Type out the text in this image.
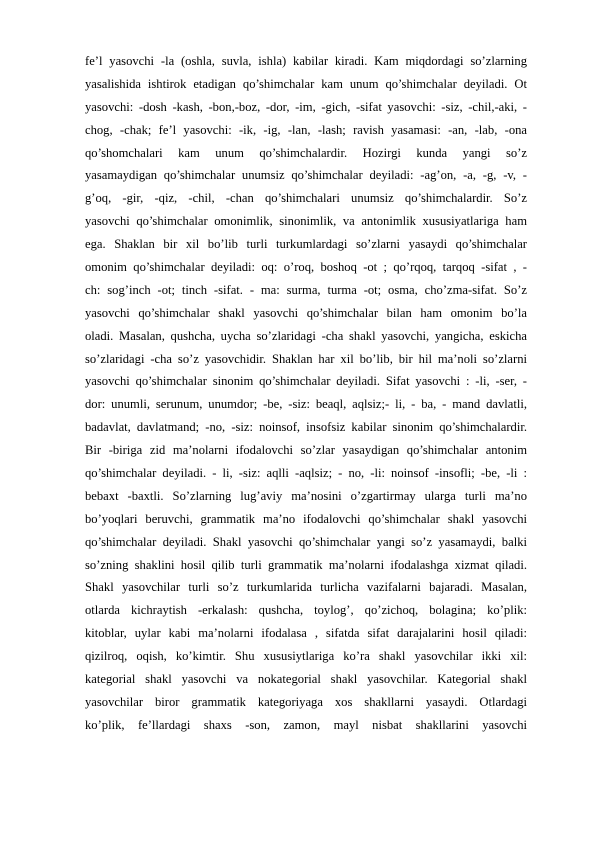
fe’l yasovchi -la (oshla, suvla, ishla) kabilar kiradi. Kam miqdordagi so’zlarning
yasalishida ishtirok etadigan qo’shimchalar kam unum qo’shimchalar deyiladi. Ot
yasovchi: -dosh -kash, -bon,-boz, -dor, -im, -gich, -sifat yasovchi: -siz, -chil,-aki, -
chog, -chak; fe’l yasovchi: -ik, -ig, -lan, -lash; ravish yasamasi: -an, -lab, -ona
qo’shomchalari kam unum qo’shimchalardir. Hozirgi kunda yangi so’z
yasamaydigan qo’shimchalar unumsiz qo’shimchalar deyiladi: -ag’on, -a, -g, -v, -
g’oq, -gir, -qiz, -chil, -chan qo’shimchalari unumsiz qo’shimchalardir. So’z
yasovchi qo’shimchalar omonimlik, sinonimlik, va antonimlik xususiyatlariga ham
ega. Shaklan bir xil bo’lib turli turkumlardagi so’zlarni yasaydi qo’shimchalar
omonim qo’shimchalar deyiladi: oq: o’roq, boshoq -ot ; qo’rqoq, tarqoq -sifat , -
ch: sog’inch -ot; tinch -sifat. - ma: surma, turma -ot; osma, cho’zma-sifat. So’z
yasovchi qo’shimchalar shakl yasovchi qo’shimchalar bilan ham omonim bo’la
oladi. Masalan, qushcha, uycha so’zlaridagi -cha shakl yasovchi, yangicha, eskicha
so’zlaridagi -cha so’z yasovchidir. Shaklan har xil bo’lib, bir hil ma’noli so’zlarni
yasovchi qo’shimchalar sinonim qo’shimchalar deyiladi. Sifat yasovchi : -li, -ser, -
dor: unumli, serunum, unumdor; -be, -siz: beaql, aqlsiz;- li, - ba, - mand davlatli,
badavlat, davlatmand; -no, -siz: noinsof, insofsiz kabilar sinonim qo’shimchalardir.
Bir -biriga zid ma’nolarni ifodalovchi so’zlar yasaydigan qo’shimchalar antonim
qo’shimchalar deyiladi. - li, -siz: aqlli -aqlsiz; - no, -li: noinsof -insofli; -be, -li :
bebaxt -baxtli. So’zlarning lug’aviy ma’nosini o’zgartirmay ularga turli ma’no
bo’yoqlari beruvchi, grammatik ma’no ifodalovchi qo’shimchalar shakl yasovchi
qo’shimchalar deyiladi. Shakl yasovchi qo’shimchalar yangi so’z yasamaydi, balki
so’zning shaklini hosil qilib turli grammatik ma’nolarni ifodalashga xizmat qiladi.
Shakl yasovchilar turli so’z turkumlarida turlicha vazifalarni bajaradi. Masalan,
otlarda kichraytish -erkalash: qushcha, toylog’, qo’zichoq, bolagina; ko’plik:
kitoblar, uylar kabi ma’nolarni ifodalasa , sifatda sifat darajalarini hosil qiladi:
qizilroq, oqish, ko’kimtir. Shu xususiytlariga ko’ra shakl yasovchilar ikki xil:
kategorial shakl yasovchi va nokategorial shakl yasovchilar. Kategorial shakl
yasovchilar biror grammatik kategoriyaga xos shakllarni yasaydi. Otlardagi
ko’plik, fe’llardagi shaxs -son, zamon, mayl nisbat shakllarini yasovchi
